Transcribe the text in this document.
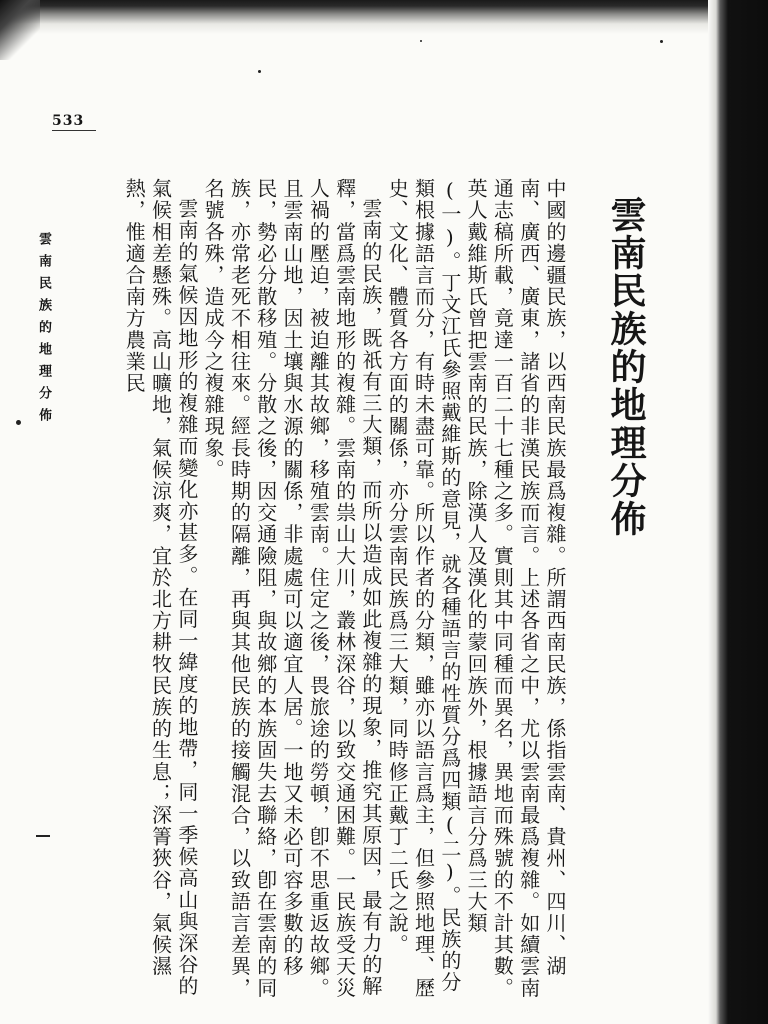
533
雲南民族的地理分佈	雲南民族的地理分佈

中國的邊疆民族，以西南民族最爲複雜。所謂西南民族，係指雲南、貴州、四川、湖南、廣西、廣東，諸省的非漢民族而言。上述各省之中，尤以雲南最爲複雜。如續雲南通志稿所載，竟達一百二十七種之多。實則其中同種而異名，異地而殊號的不計其數。英人戴維斯氏曾把雲南的民族，除漢人及漢化的蒙回族外，根據語言分爲三大類(一)。丁文江氏參照戴維斯的意見，就各種語言的性質分爲四類(二)。民族的分類根據語言而分，有時未盡可靠。所以作者的分類，雖亦以語言爲主，但參照地理、歷史、文化、體質各方面的關係，亦分雲南民族爲三大類，同時修正戴丁二氏之說。

雲南的民族，既祇有三大類，而所以造成如此複雜的現象，推究其原因，最有力的解釋，當爲雲南地形的複雜。雲南的祟山大川，叢林深谷，以致交通困難。一民族受天災人禍的壓迫，被迫離其故鄉，移殖雲南。住定之後，畏旅途的勞頓，卽不思重返故鄉。且雲南山地，因土壤與水源的關係，非處處可以適宜人居。一地又未必可容多數的移民，勢必分散移殖。分散之後，因交通險阻，與故鄉的本族固失去聯絡，卽在雲南的同族，亦常老死不相往來。經長時期的隔離，再與其他民族的接觸混合，以致語言差異，名號各殊，造成今之複雜現象。

雲南的氣候因地形的複雜而變化亦甚多。在同一緯度的地帶，同一季候高山與深谷的氣候相差懸殊。高山曠地，氣候涼爽，宜於北方耕牧民族的生息；深箐狹谷，氣候濕熱，惟適合南方農業民
